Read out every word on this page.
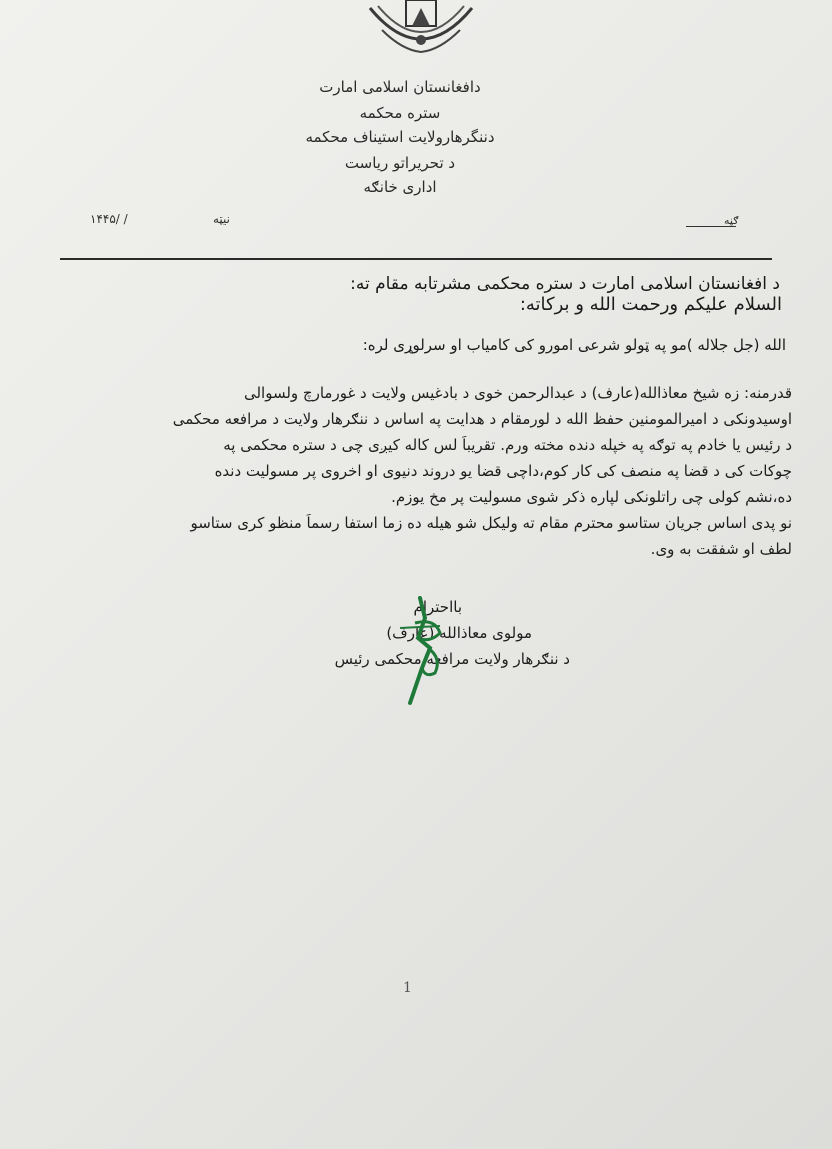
دافغانستان اسلامی امارت
ستره محکمه
دننگرهارولایت استیناف محکمه
د تحریراتو ریاست
اداری خانګه
نیټه
/ /۱۴۴۵	ګڼه
د افغانستان اسلامی امارت د ستره محکمی مشرتابه مقام ته:
السلام علیکم ورحمت الله و برکاته:
الله (جل جلاله )مو په ټولو شرعی امورو کی کامیاب او سرلوړی لره:
قدرمنه: زه شیخ معاذالله(عارف) د عبدالرحمن خوی د بادغیس ولایت د غورمارچ ولسوالی
اوسیدونکی د امیرالمومنین حفظ الله د لورمقام د هدایت په اساس د ننګرهار ولایت د مرافعه محکمی
د رئیس یا خادم په توګه په خپله دنده مخته ورم. تقریباً لس کاله کیږی چی د ستره محکمی په
چوکات کی د قضا په منصف کی کار کوم،داچی قضا یو دروند دنیوی او اخروی پر مسولیت دنده
ده،نشم کولی چی راتلونکی لپاره ذکر شوی مسولیت پر مخ یوزم.
نو پدی اساس جریان ستاسو محترم مقام ته ولیکل شو هیله ده زما استفا رسماً منظو کری ستاسو
لطف او شفقت به وی.
بااحترام
مولوی معاذالله (عارف)
د ننګرهار ولایت مرافعه محکمی رئیس
1
